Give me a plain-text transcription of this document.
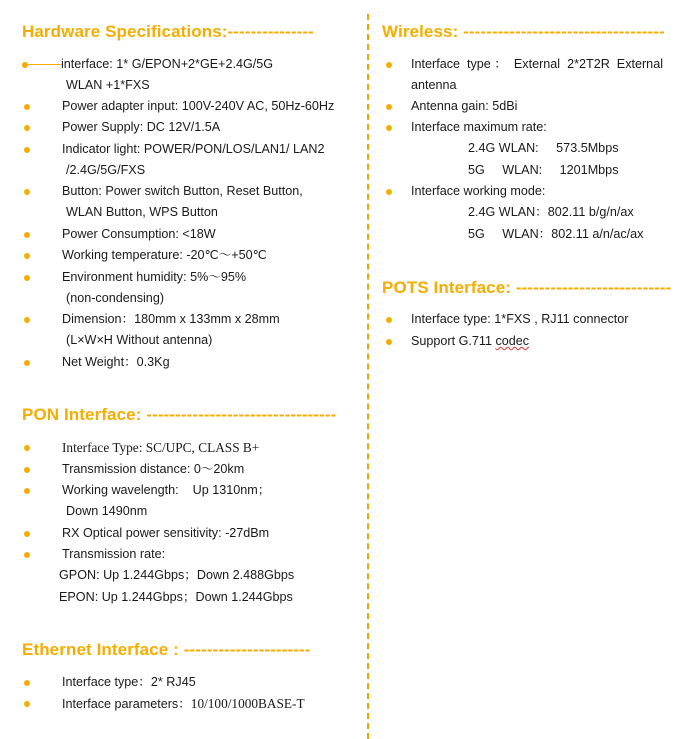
Hardware Specifications:---------------
interface: 1* G/EPON+2*GE+2.4G/5G
WLAN +1*FXS
Power adapter input: 100V-240V AC, 50Hz-60Hz
Power Supply: DC 12V/1.5A
Indicator light: POWER/PON/LOS/LAN1/ LAN2
/2.4G/5G/FXS
Button: Power switch Button, Reset Button,
WLAN Button, WPS Button
Power Consumption: <18W
Working temperature: -20℃～+50℃
Environment humidity: 5%～95%
(non-condensing)
Dimension：180mm x 133mm x 28mm
(L×W×H Without antenna)
Net Weight：0.3Kg
PON Interface: ---------------------------------
Interface Type: SC/UPC, CLASS B+
Transmission distance: 0～20km
Working wavelength:    Up 1310nm；
Down 1490nm
RX Optical power sensitivity: -27dBm
Transmission rate:
GPON: Up 1.244Gbps；Down 2.488Gbps
EPON: Up 1.244Gbps；Down 1.244Gbps
Ethernet Interface : ----------------------
Interface type：2* RJ45
Interface parameters：10/100/1000BASE-T
Wireless: -----------------------------------
Interface  type ：  External  2*2T2R  External
antenna
Antenna gain: 5dBi
Interface maximum rate:
2.4G WLAN:     573.5Mbps
5G     WLAN:     1201Mbps
Interface working mode:
2.4G WLAN：802.11 b/g/n/ax
5G     WLAN：802.11 a/n/ac/ax
POTS Interface: ---------------------------
Interface type: 1*FXS , RJ11 connector
Support G.711 codec
